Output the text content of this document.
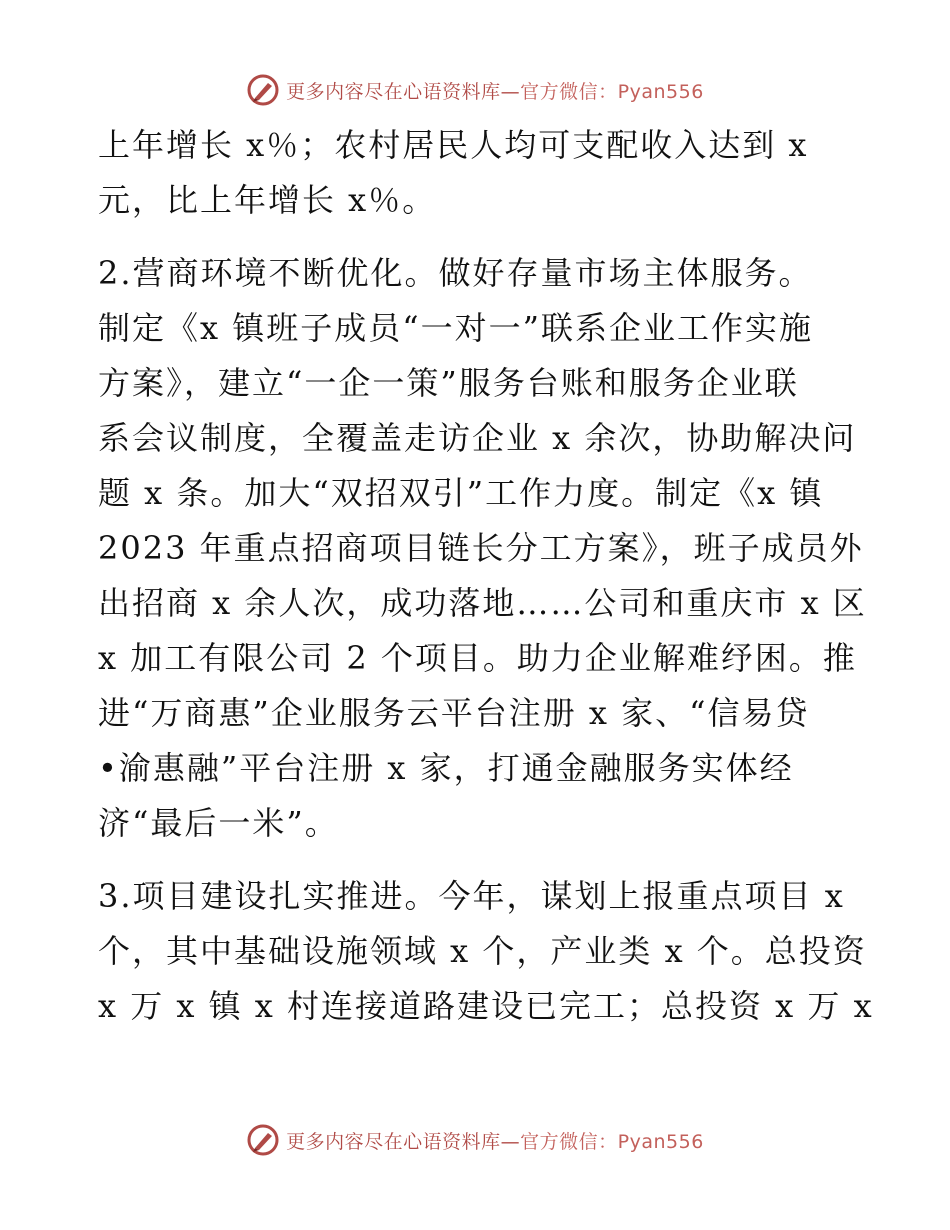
更多内容尽在心语资料库—官方微信：Pyan556

上年增长 x％；农村居民人均可支配收入达到 x
元，比上年增长 x％。

2.营商环境不断优化。做好存量市场主体服务。
制定《x 镇班子成员“一对一”联系企业工作实施
方案》，建立“一企一策”服务台账和服务企业联
系会议制度，全覆盖走访企业 x 余次，协助解决问
题 x 条。加大“双招双引”工作力度。制定《x 镇
2023 年重点招商项目链长分工方案》，班子成员外
出招商 x 余人次，成功落地……公司和重庆市 x 区
x 加工有限公司 2 个项目。助力企业解难纾困。推
进“万商惠”企业服务云平台注册 x 家、“信易贷
•渝惠融”平台注册 x 家，打通金融服务实体经
济“最后一米”。

3.项目建设扎实推进。今年，谋划上报重点项目 x
个，其中基础设施领域 x 个，产业类 x 个。总投资
x 万 x 镇 x 村连接道路建设已完工；总投资 x 万 x

更多内容尽在心语资料库—官方微信：Pyan556
